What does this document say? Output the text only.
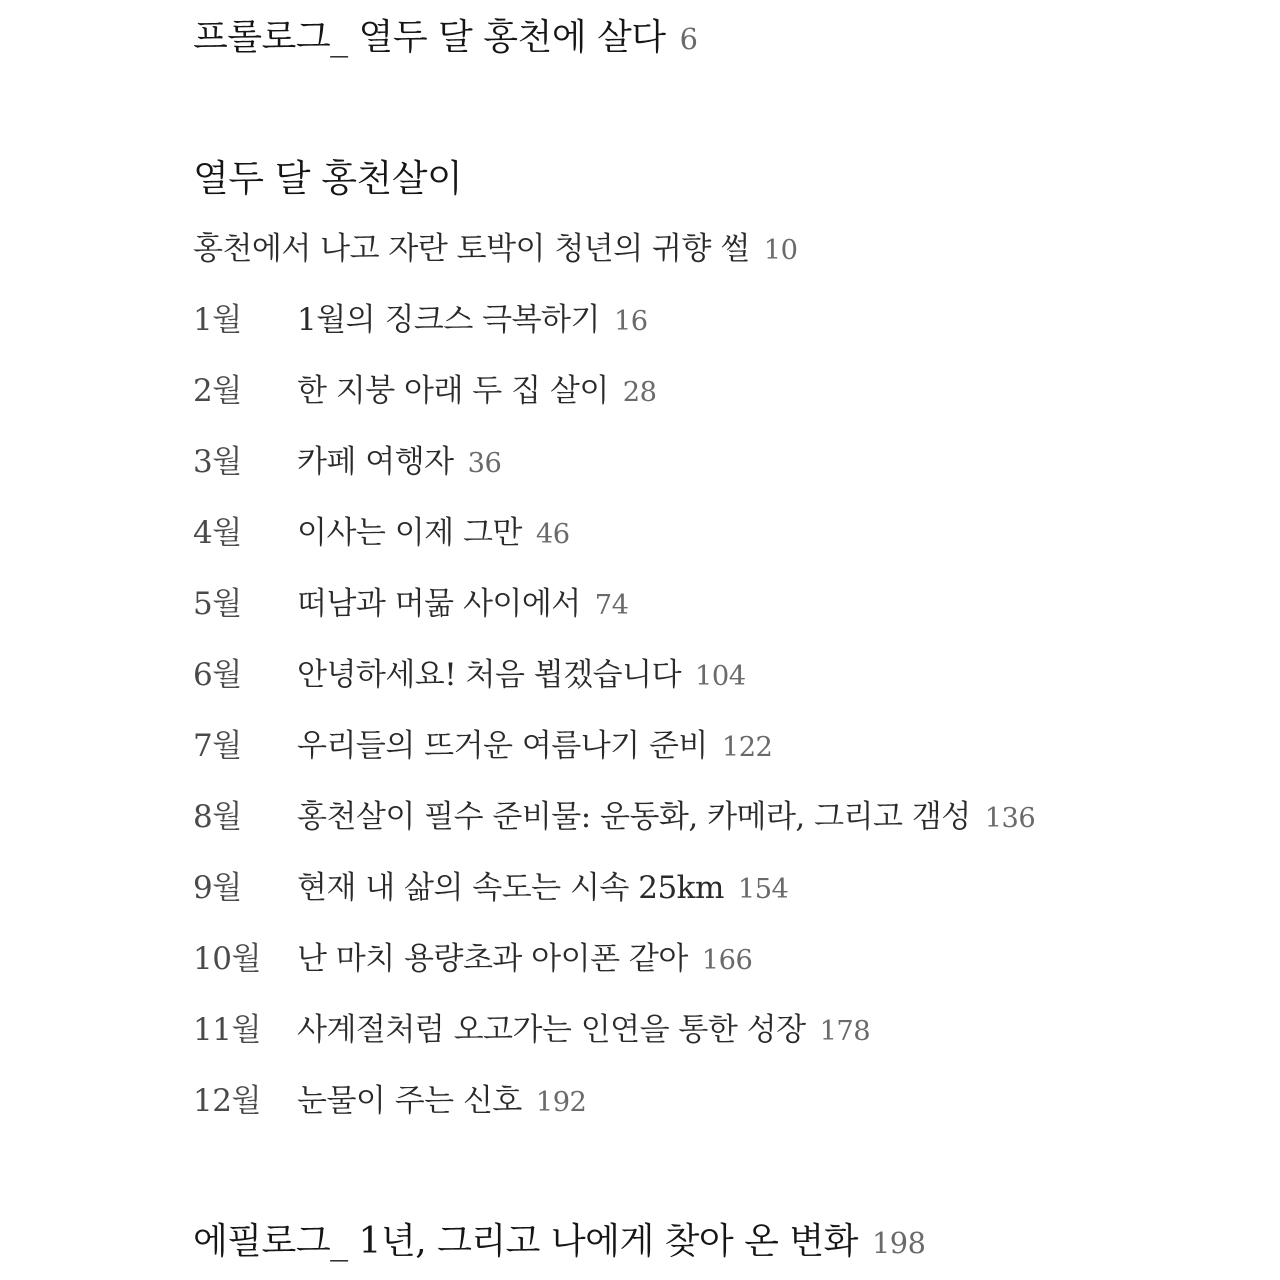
프롤로그_ 열두 달 홍천에 살다 6
열두 달 홍천살이
홍천에서 나고 자란 토박이 청년의 귀향 썰 10
1월 1월의 징크스 극복하기 16
2월 한 지붕 아래 두 집 살이 28
3월 카페 여행자 36
4월 이사는 이제 그만 46
5월 떠남과 머묾 사이에서 74
6월 안녕하세요! 처음 뵙겠습니다 104
7월 우리들의 뜨거운 여름나기 준비 122
8월 홍천살이 필수 준비물: 운동화, 카메라, 그리고 갬성 136
9월 현재 내 삶의 속도는 시속 25km 154
10월 난 마치 용량초과 아이폰 같아 166
11월 사계절처럼 오고가는 인연을 통한 성장 178
12월 눈물이 주는 신호 192
에필로그_ 1년, 그리고 나에게 찾아 온 변화 198
